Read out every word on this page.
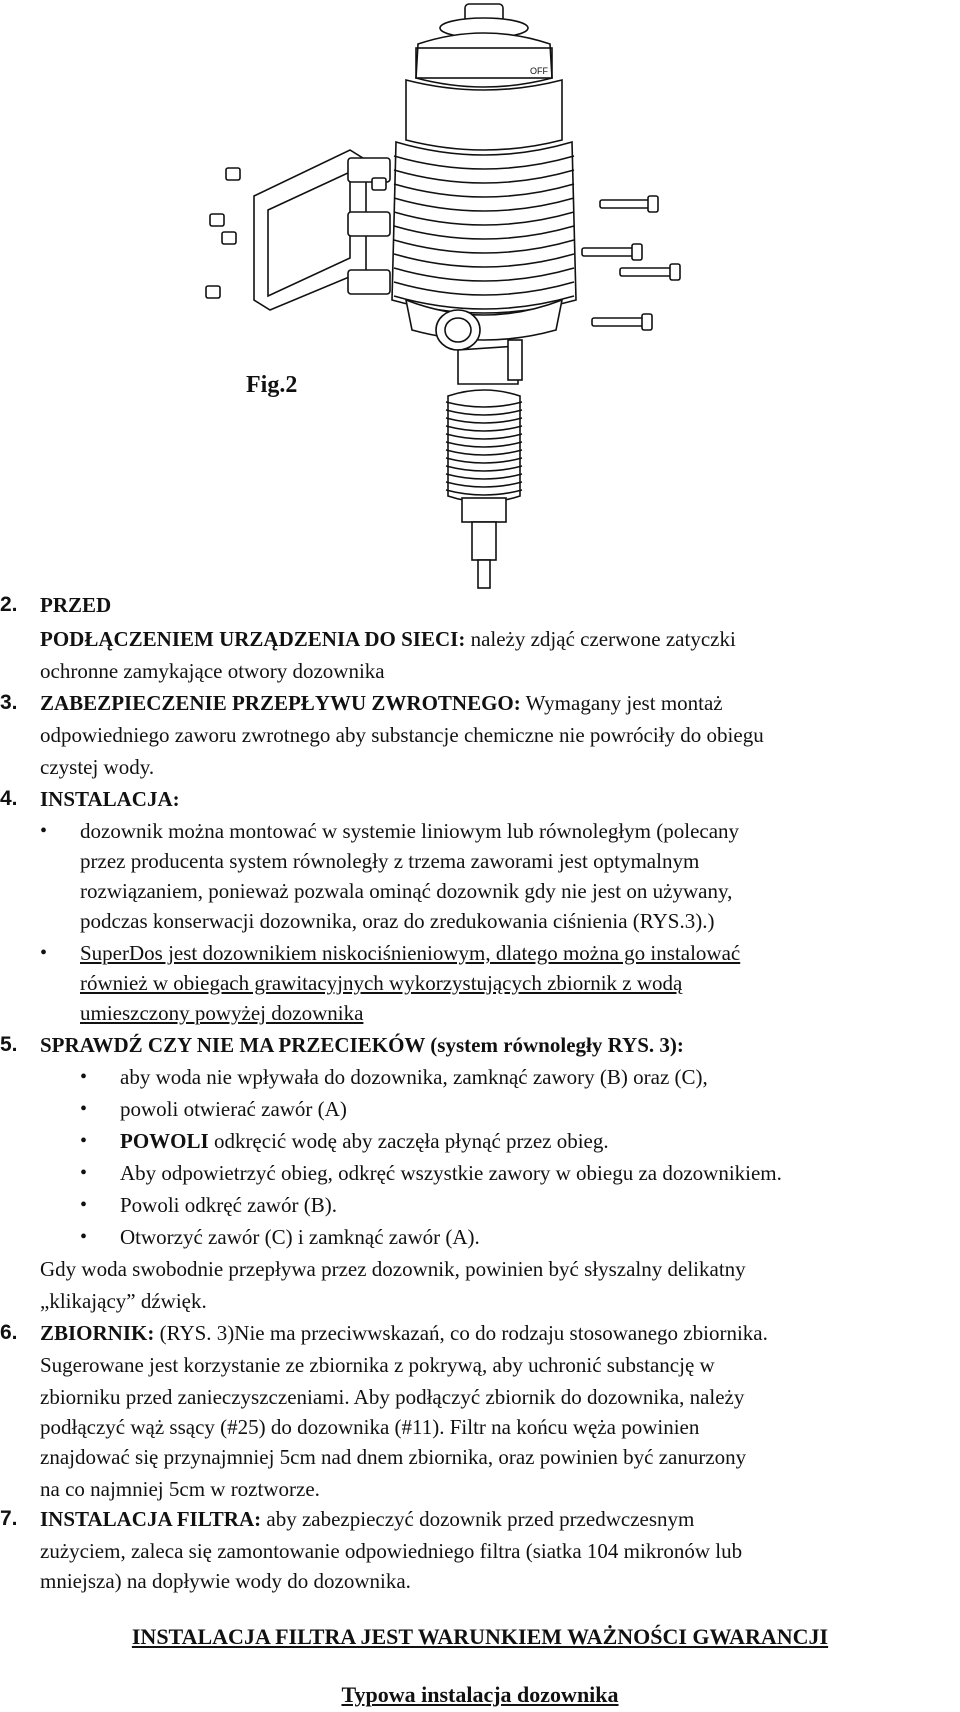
OFF
Fig.2
2. PRZED
PODŁĄCZENIEM URZĄDZENIA DO SIECI: należy zdjąć czerwone zatyczki
ochronne zamykające otwory dozownika
3. ZABEZPIECZENIE PRZEPŁYWU ZWROTNEGO: Wymagany jest montaż
odpowiedniego zaworu zwrotnego aby substancje chemiczne nie powróciły do obiegu
czystej wody.
4. INSTALACJA:
• dozownik można montować w systemie liniowym lub równoległym (polecany
przez producenta system równoległy z trzema zaworami jest optymalnym
rozwiązaniem, ponieważ pozwala ominąć dozownik gdy nie jest on używany,
podczas konserwacji dozownika, oraz do zredukowania ciśnienia (RYS.3).)
• SuperDos jest dozownikiem niskociśnieniowym, dlatego można go instalować
również w obiegach grawitacyjnych wykorzystujących zbiornik z wodą
umieszczony powyżej dozownika
5. SPRAWDŹ CZY NIE MA PRZECIEKÓW (system równoległy RYS. 3):
• aby woda nie wpływała do dozownika, zamknąć zawory (B) oraz (C),
• powoli otwierać zawór (A)
• POWOLI odkręcić wodę aby zaczęła płynąć przez obieg.
• Aby odpowietrzyć obieg, odkręć wszystkie zawory w obiegu za dozownikiem.
• Powoli odkręć zawór (B).
• Otworzyć zawór (C) i zamknąć zawór (A).
Gdy woda swobodnie przepływa przez dozownik, powinien być słyszalny delikatny
„klikający” dźwięk.
6. ZBIORNIK: (RYS. 3)Nie ma przeciwwskazań, co do rodzaju stosowanego zbiornika.
Sugerowane jest korzystanie ze zbiornika z pokrywą, aby uchronić substancję w
zbiorniku przed zanieczyszczeniami. Aby podłączyć zbiornik do dozownika, należy
podłączyć wąż ssący (#25) do dozownika (#11). Filtr na końcu węża powinien
znajdować się przynajmniej 5cm nad dnem zbiornika, oraz powinien być zanurzony
na co najmniej 5cm w roztworze.
7. INSTALACJA FILTRA: aby zabezpieczyć dozownik przed przedwczesnym
zużyciem, zaleca się zamontowanie odpowiedniego filtra (siatka 104 mikronów lub
mniejsza) na dopływie wody do dozownika.
INSTALACJA FILTRA JEST WARUNKIEM WAŻNOŚCI GWARANCJI
Typowa instalacja dozownika
